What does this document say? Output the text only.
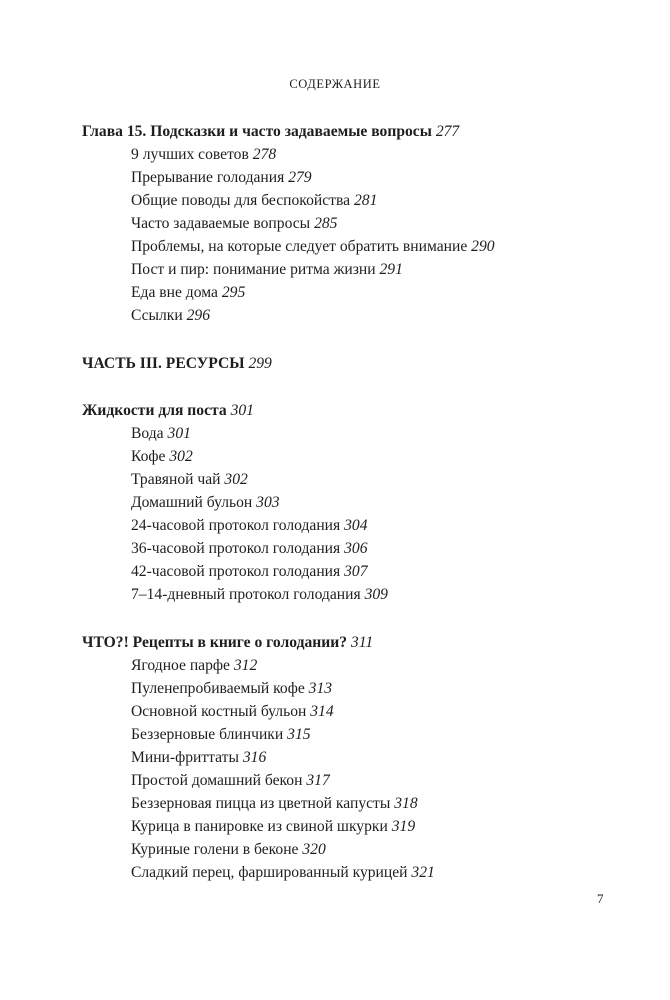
СОДЕРЖАНИЕ
Глава 15. Подсказки и часто задаваемые вопросы 277
9 лучших советов 278
Прерывание голодания 279
Общие поводы для беспокойства 281
Часто задаваемые вопросы 285
Проблемы, на которые следует обратить внимание 290
Пост и пир: понимание ритма жизни 291
Еда вне дома 295
Ссылки 296
ЧАСТЬ III. РЕСУРСЫ 299
Жидкости для поста 301
Вода 301
Кофе 302
Травяной чай 302
Домашний бульон 303
24-часовой протокол голодания 304
36-часовой протокол голодания 306
42-часовой протокол голодания 307
7–14-дневный протокол голодания 309
ЧТО?! Рецепты в книге о голодании? 311
Ягодное парфе 312
Пуленепробиваемый кофе 313
Основной костный бульон 314
Беззерновые блинчики 315
Мини-фриттаты 316
Простой домашний бекон 317
Беззерновая пицца из цветной капусты 318
Курица в панировке из свиной шкурки 319
Куриные голени в беконе 320
Сладкий перец, фаршированный курицей 321
7
